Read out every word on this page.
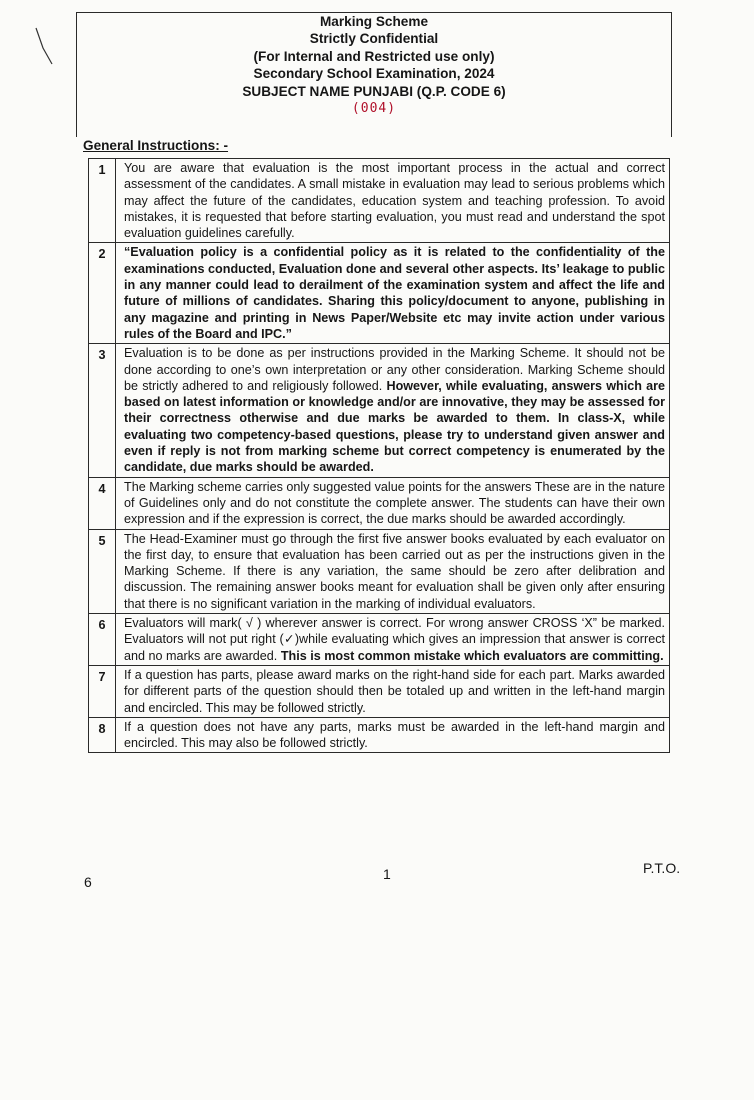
Marking Scheme
Strictly Confidential
(For Internal and Restricted use only)
Secondary School Examination, 2024
SUBJECT NAME PUNJABI (Q.P. CODE 6)
(004)
General Instructions: -
1	You are aware that evaluation is the most important process in the actual and correct assessment of the candidates. A small mistake in evaluation may lead to serious problems which may affect the future of the candidates, education system and teaching profession. To avoid mistakes, it is requested that before starting evaluation, you must read and understand the spot evaluation guidelines carefully.
2	“Evaluation policy is a confidential policy as it is related to the confidentiality of the examinations conducted, Evaluation done and several other aspects. Its’ leakage to public in any manner could lead to derailment of the examination system and affect the life and future of millions of candidates. Sharing this policy/document to anyone, publishing in any magazine and printing in News Paper/Website etc may invite action under various rules of the Board and IPC.”
3	Evaluation is to be done as per instructions provided in the Marking Scheme. It should not be done according to one’s own interpretation or any other consideration. Marking Scheme should be strictly adhered to and religiously followed. However, while evaluating, answers which are based on latest information or knowledge and/or are innovative, they may be assessed for their correctness otherwise and due marks be awarded to them. In class-X, while evaluating two competency-based questions, please try to understand given answer and even if reply is not from marking scheme but correct competency is enumerated by the candidate, due marks should be awarded.
4	The Marking scheme carries only suggested value points for the answers These are in the nature of Guidelines only and do not constitute the complete answer. The students can have their own expression and if the expression is correct, the due marks should be awarded accordingly.
5	The Head-Examiner must go through the first five answer books evaluated by each evaluator on the first day, to ensure that evaluation has been carried out as per the instructions given in the Marking Scheme. If there is any variation, the same should be zero after delibration and discussion. The remaining answer books meant for evaluation shall be given only after ensuring that there is no significant variation in the marking of individual evaluators.
6	Evaluators will mark( √ ) wherever answer is correct. For wrong answer CROSS ‘X” be marked. Evaluators will not put right (✓)while evaluating which gives an impression that answer is correct and no marks are awarded. This is most common mistake which evaluators are committing.
7	If a question has parts, please award marks on the right-hand side for each part. Marks awarded for different parts of the question should then be totaled up and written in the left-hand margin and encircled. This may be followed strictly.
8	If a question does not have any parts, marks must be awarded in the left-hand margin and encircled. This may also be followed strictly.
1	P.T.O.
6
